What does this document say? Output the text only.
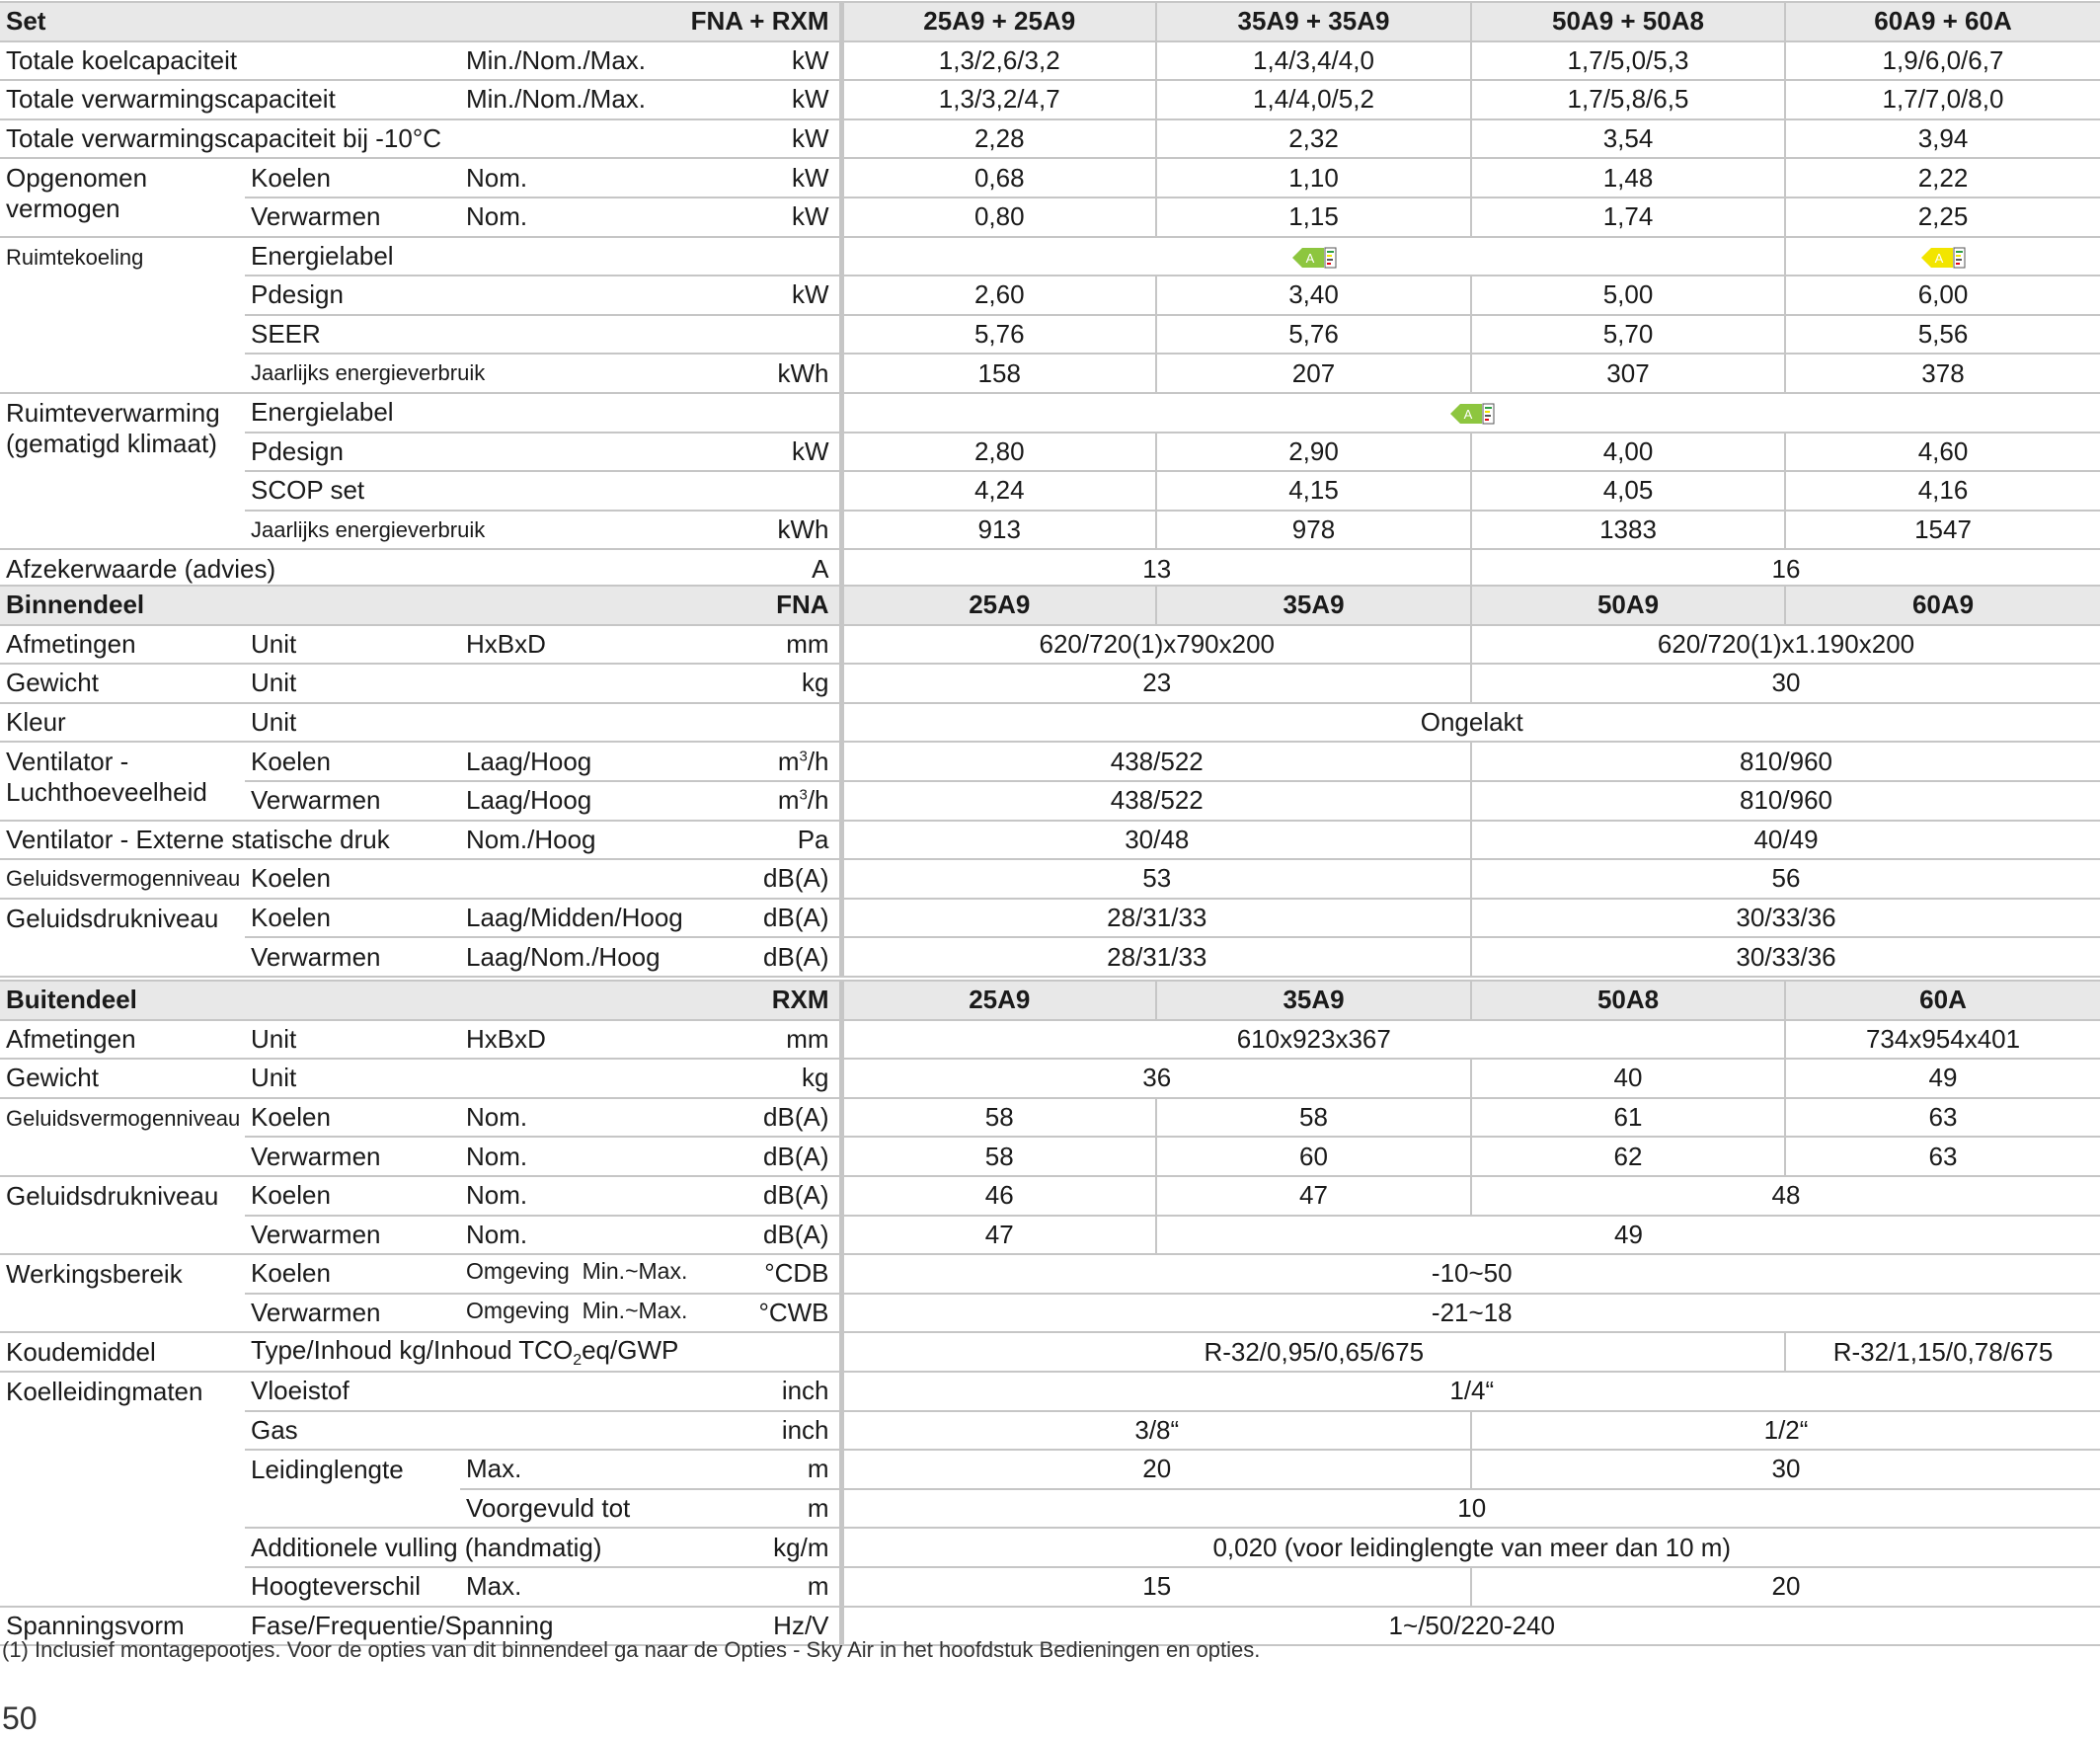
Set		FNA + RXM	25A9 + 25A9	35A9 + 35A9	50A9 + 50A8	60A9 + 60A
Totale koelcapaciteit		Min./Nom./Max. kW	1,3/2,6/3,2	1,4/3,4/4,0	1,7/5,0/5,3	1,9/6,0/6,7
Totale verwarmingscapaciteit		Min./Nom./Max. kW	1,3/3,2/4,7	1,4/4,0/5,2	1,7/5,8/6,5	1,7/7,0/8,0
Totale verwarmingscapaciteit bij -10°C		kW	2,28	2,32	3,54	3,94
Opgenomen vermogen	Koelen	Nom. kW	0,68	1,10	1,48	2,22
	Verwarmen	Nom. kW	0,80	1,15	1,74	2,25
Ruimtekoeling	Energielabel		A			A

	Pdesign	kW	2,60	3,40	5,00	6,00
	SEER		5,76	5,76	5,70	5,56
	Jaarlijks energieverbruik	kWh	158	207	307	378
Ruimteverwarming (gematigd klimaat)	Energielabel		A			

	Pdesign	kW	2,80	2,90	4,00	4,60
	SCOP set		4,24	4,15	4,05	4,16
	Jaarlijks energieverbruik	kWh	913	978	1383	1547
Afzekerwaarde (advies)		A	13		16	
Binnendeel		FNA	25A9	35A9	50A9	60A9
Afmetingen	Unit	HxBxD mm	620/720(1)x790x200		620/720(1)x1.190x200	
Gewicht	Unit	kg	23		30	
Kleur	Unit		Ongelakt			
Ventilator - Luchthoeveelheid	Koelen	Laag/Hoog $m^3/h$	438/522		810/960	
	Verwarmen	Laag/Hoog $m^3/h$	438/522		810/960	
Ventilator - Externe statische druk		Nom./Hoog Pa	30/48		40/49	
Geluidsvermogenniveau	Koelen	dB(A)	53		56	
Geluidsdrukniveau	Koelen	Laag/Midden/Hoog dB(A)	28/31/33		30/33/36	
	Verwarmen	Laag/Nom./Hoog dB(A)	28/31/33		30/33/36	
Buitendeel		RXM	25A9	35A9	50A8	60A
Afmetingen	Unit	HxBxD mm	610x923x367			734x954x401
Gewicht	Unit	kg	36		40	49
Geluidsvermogenniveau	Koelen	Nom. dB(A)	58	58	61	63
	Verwarmen	Nom. dB(A)	58	60	62	63
Geluidsdrukniveau	Koelen	Nom. dB(A)	46	47	48	
	Verwarmen	Nom. dB(A)	47	49		
Werkingsbereik	Koelen	Omgeving Min.~Max. °CDB	-10~50			
	Verwarmen	Omgeving Min.~Max. °CWB	-21~18			
Koudemiddel	Type/Inhoud kg/Inhoud $TCO_2eq$/GWP		R-32/0,95/0,65/675			R-32/1,15/0,78/675
Koelleidingmaten	Vloeistof	inch	1/4“			
	Gas	inch	3/8“		1/2“	
	Leidinglengte	Max. m	20		30	
		Voorgevuld tot m	10			
	Additionele vulling (handmatig) kg/m		0,020 (voor leidinglengte van meer dan 10 m)			
	Hoogteverschil	Max. m	15		20	
Spanningsvorm	Fase/Frequentie/Spanning Hz/V		1~/50/220-240			
(1) Inclusief montagepootjes. Voor de opties van dit binnendeel ga naar de Opties - Sky Air in het hoofdstuk Bedieningen en opties.
50
